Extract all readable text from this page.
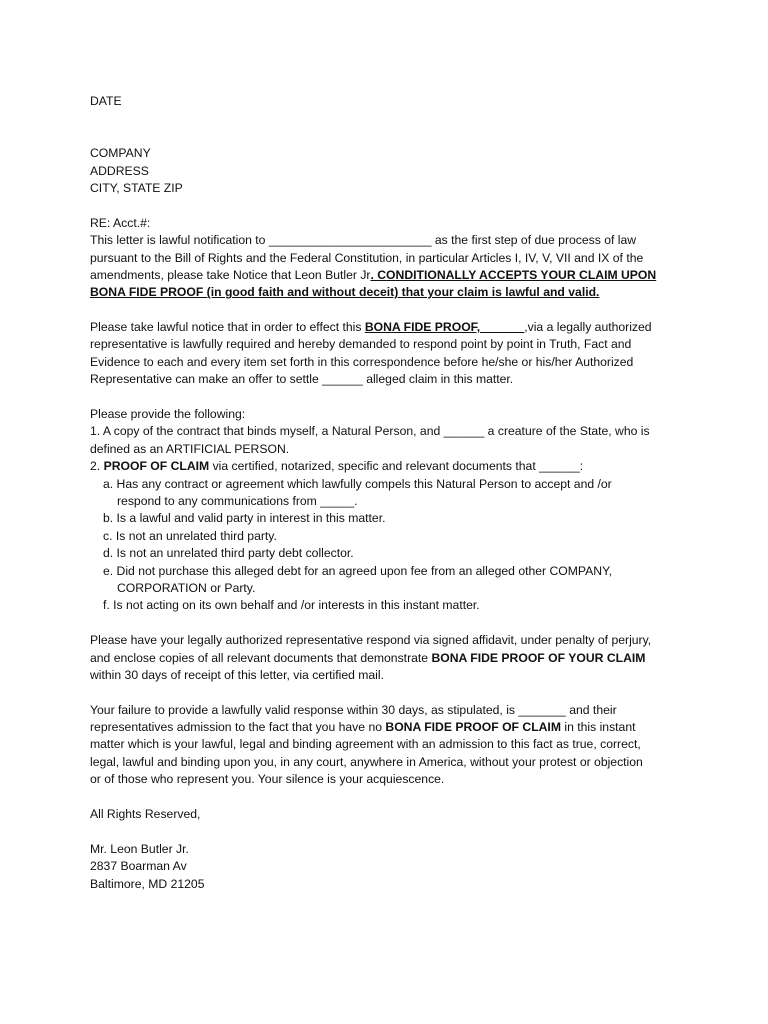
DATE
COMPANY
ADDRESS
CITY, STATE ZIP
RE: Acct.#:
This letter is lawful notification to ________________________ as the first step of due process of law
pursuant to the Bill of Rights and the Federal Constitution, in particular Articles I, IV, V, VII and IX of the
amendments, please take Notice that Leon Butler Jr. CONDITIONALLY ACCEPTS YOUR CLAIM UPON
BONA FIDE PROOF (in good faith and without deceit) that your claim is lawful and valid.
Please take lawful notice that in order to effect this BONA FIDE PROOF, ______,via a legally authorized
representative is lawfully required and hereby demanded to respond point by point in Truth, Fact and
Evidence to each and every item set forth in this correspondence before he/she or his/her Authorized
Representative can make an offer to settle ______ alleged claim in this matter.
Please provide the following:
1. A copy of the contract that binds myself, a Natural Person, and ______ a creature of the State, who is
defined as an ARTIFICIAL PERSON.
2. PROOF OF CLAIM via certified, notarized, specific and relevant documents that ______:
a. Has any contract or agreement which lawfully compels this Natural Person to accept and /or
respond to any communications from _____.
b. Is a lawful and valid party in interest in this matter.
c. Is not an unrelated third party.
d. Is not an unrelated third party debt collector.
e. Did not purchase this alleged debt for an agreed upon fee from an alleged other COMPANY,
CORPORATION or Party.
f. Is not acting on its own behalf and /or interests in this instant matter.
Please have your legally authorized representative respond via signed affidavit, under penalty of perjury,
and enclose copies of all relevant documents that demonstrate BONA FIDE PROOF OF YOUR CLAIM
within 30 days of receipt of this letter, via certified mail.
Your failure to provide a lawfully valid response within 30 days, as stipulated, is _______ and their
representatives admission to the fact that you have no BONA FIDE PROOF OF CLAIM in this instant
matter which is your lawful, legal and binding agreement with an admission to this fact as true, correct,
legal, lawful and binding upon you, in any court, anywhere in America, without your protest or objection
or of those who represent you. Your silence is your acquiescence.
All Rights Reserved,
Mr. Leon Butler Jr.
2837 Boarman Av
Baltimore, MD 21205
